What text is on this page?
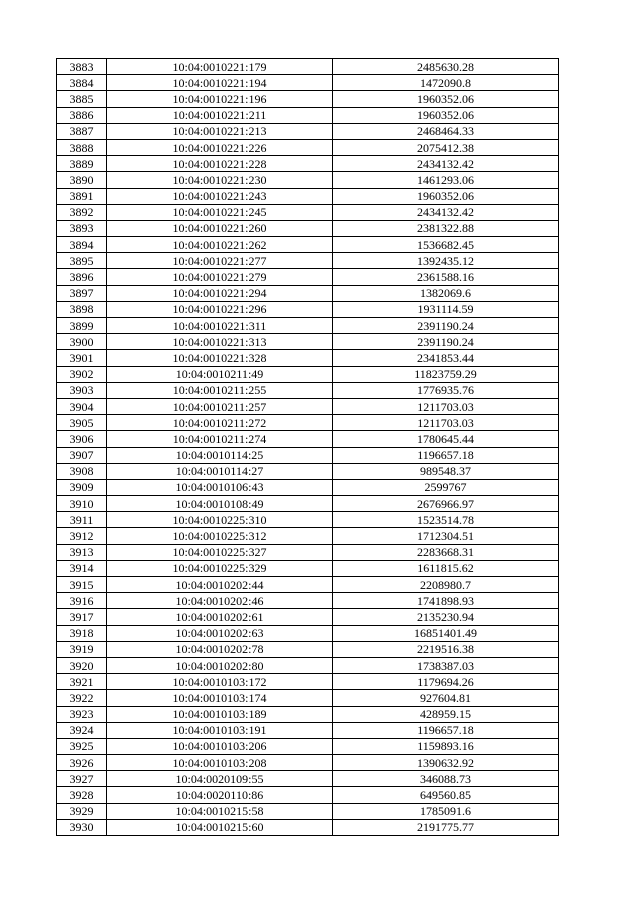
3883	10:04:0010221:179	2485630.28
3884	10:04:0010221:194	1472090.8
3885	10:04:0010221:196	1960352.06
3886	10:04:0010221:211	1960352.06
3887	10:04:0010221:213	2468464.33
3888	10:04:0010221:226	2075412.38
3889	10:04:0010221:228	2434132.42
3890	10:04:0010221:230	1461293.06
3891	10:04:0010221:243	1960352.06
3892	10:04:0010221:245	2434132.42
3893	10:04:0010221:260	2381322.88
3894	10:04:0010221:262	1536682.45
3895	10:04:0010221:277	1392435.12
3896	10:04:0010221:279	2361588.16
3897	10:04:0010221:294	1382069.6
3898	10:04:0010221:296	1931114.59
3899	10:04:0010221:311	2391190.24
3900	10:04:0010221:313	2391190.24
3901	10:04:0010221:328	2341853.44
3902	10:04:0010211:49	11823759.29
3903	10:04:0010211:255	1776935.76
3904	10:04:0010211:257	1211703.03
3905	10:04:0010211:272	1211703.03
3906	10:04:0010211:274	1780645.44
3907	10:04:0010114:25	1196657.18
3908	10:04:0010114:27	989548.37
3909	10:04:0010106:43	2599767
3910	10:04:0010108:49	2676966.97
3911	10:04:0010225:310	1523514.78
3912	10:04:0010225:312	1712304.51
3913	10:04:0010225:327	2283668.31
3914	10:04:0010225:329	1611815.62
3915	10:04:0010202:44	2208980.7
3916	10:04:0010202:46	1741898.93
3917	10:04:0010202:61	2135230.94
3918	10:04:0010202:63	16851401.49
3919	10:04:0010202:78	2219516.38
3920	10:04:0010202:80	1738387.03
3921	10:04:0010103:172	1179694.26
3922	10:04:0010103:174	927604.81
3923	10:04:0010103:189	428959.15
3924	10:04:0010103:191	1196657.18
3925	10:04:0010103:206	1159893.16
3926	10:04:0010103:208	1390632.92
3927	10:04:0020109:55	346088.73
3928	10:04:0020110:86	649560.85
3929	10:04:0010215:58	1785091.6
3930	10:04:0010215:60	2191775.77
